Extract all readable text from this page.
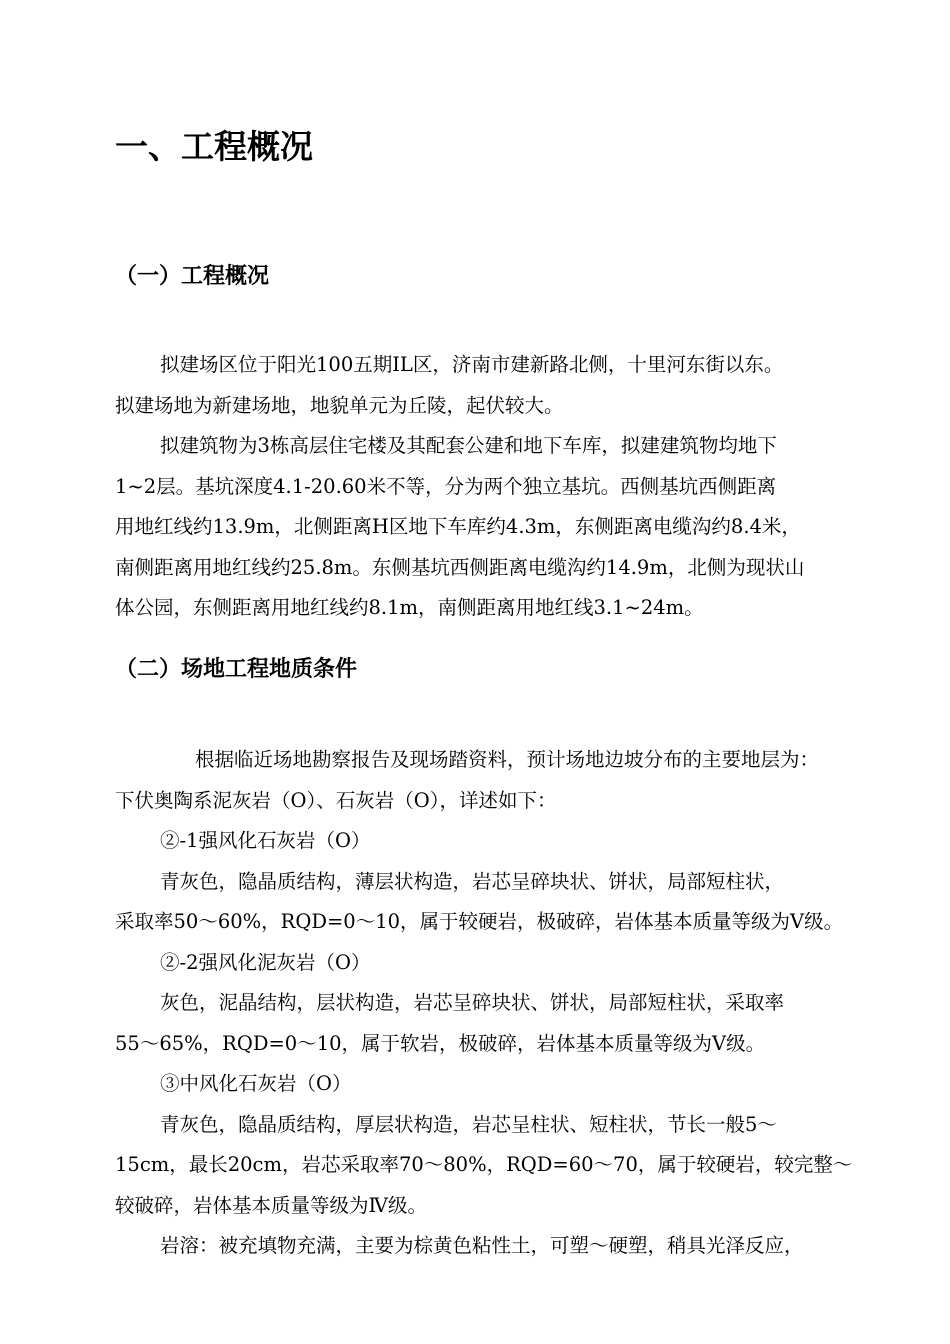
一、工程概况
（一）工程概况
拟建场区位于阳光100五期IL区，济南市建新路北侧，十里河东街以东。
拟建场地为新建场地，地貌单元为丘陵，起伏较大。
拟建筑物为3栋高层住宅楼及其配套公建和地下车库，拟建建筑物均地下
1~2层。基坑深度4.1-20.60米不等，分为两个独立基坑。西侧基坑西侧距离
用地红线约13.9m，北侧距离H区地下车库约4.3m，东侧距离电缆沟约8.4米，
南侧距离用地红线约25.8m。东侧基坑西侧距离电缆沟约14.9m，北侧为现状山
体公园，东侧距离用地红线约8.1m，南侧距离用地红线3.1~24m。
（二）场地工程地质条件
根据临近场地勘察报告及现场踏资料，预计场地边坡分布的主要地层为：
下伏奥陶系泥灰岩（O）、石灰岩（O），详述如下：
②-1强风化石灰岩（O）
青灰色，隐晶质结构，薄层状构造，岩芯呈碎块状、饼状，局部短柱状，
采取率50～60%，RQD=0～10，属于较硬岩，极破碎，岩体基本质量等级为Ⅴ级。
②-2强风化泥灰岩（O）
灰色，泥晶结构，层状构造，岩芯呈碎块状、饼状，局部短柱状，采取率
55～65%，RQD=0～10，属于软岩，极破碎，岩体基本质量等级为Ⅴ级。
③中风化石灰岩（O）
青灰色，隐晶质结构，厚层状构造，岩芯呈柱状、短柱状，节长一般5～
15cm，最长20cm，岩芯采取率70～80%，RQD=60～70，属于较硬岩，较完整～
较破碎，岩体基本质量等级为Ⅳ级。
岩溶：被充填物充满，主要为棕黄色粘性土，可塑～硬塑，稍具光泽反应，
